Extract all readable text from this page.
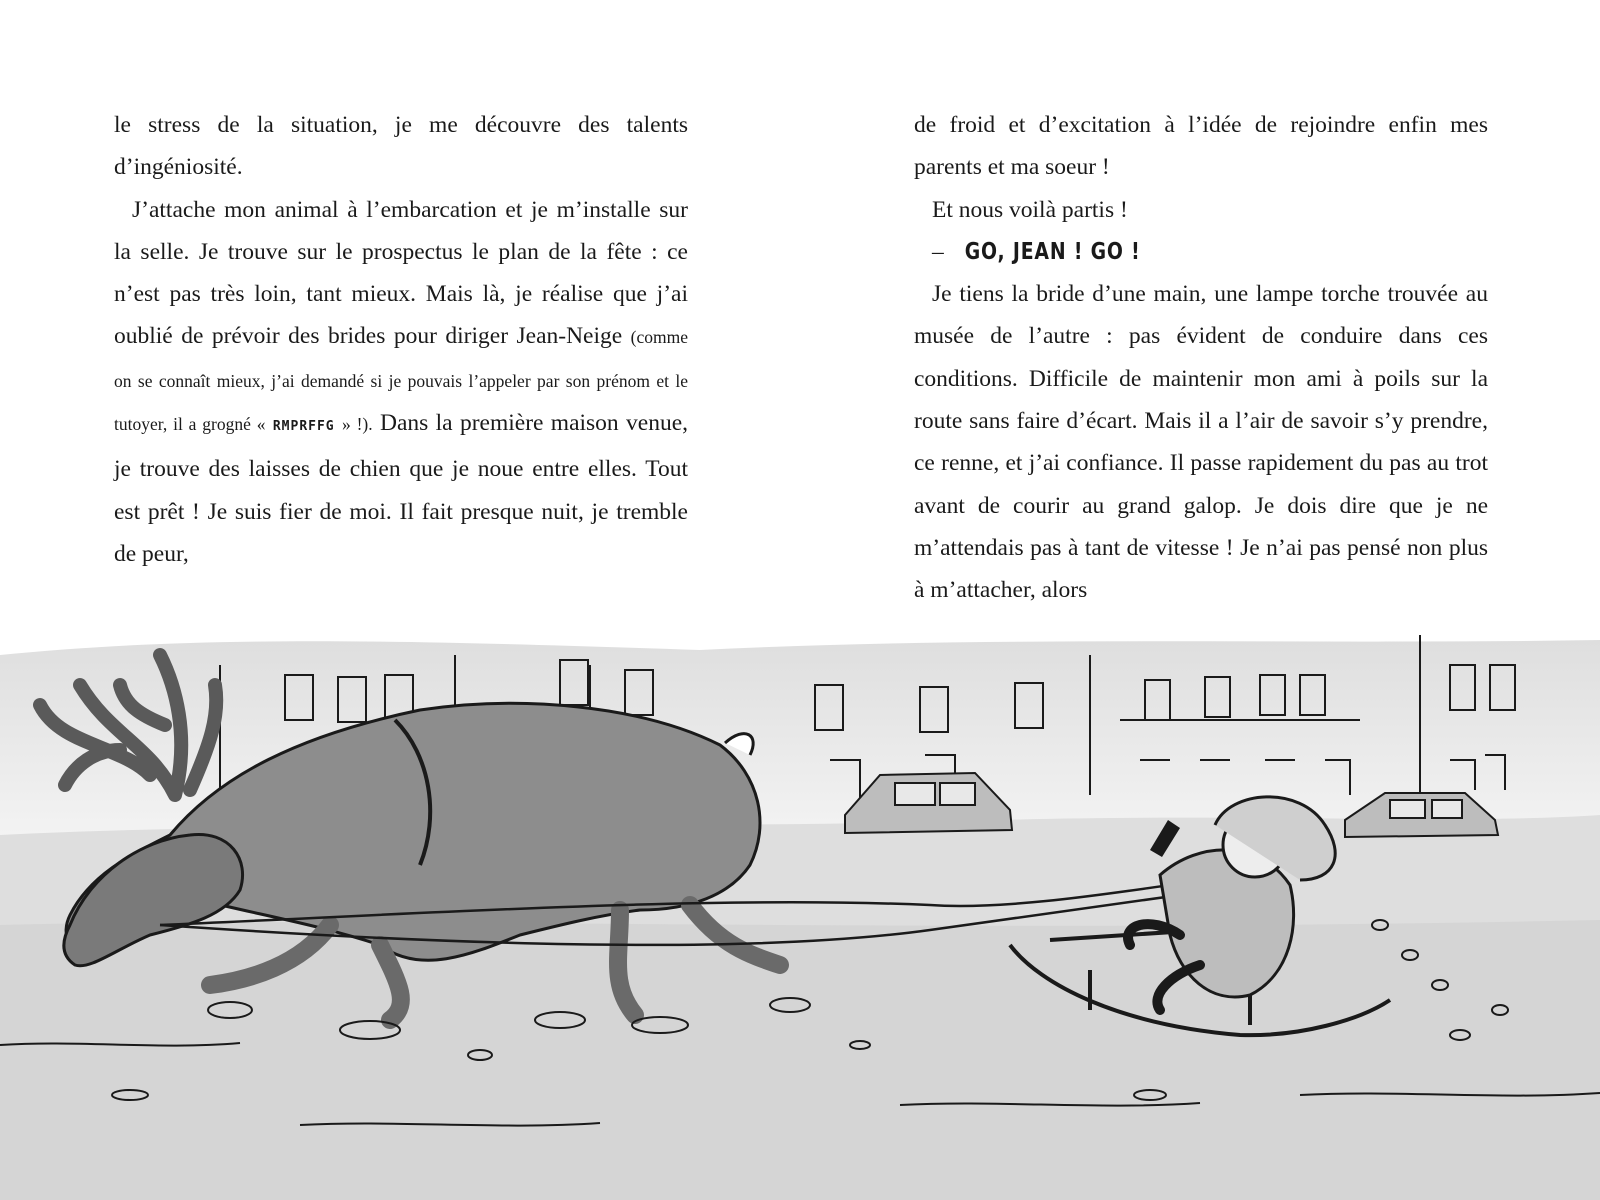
le stress de la situation, je me découvre des talents

d’ingéniosité.

J’attache mon animal à l’embarcation et je m’installe sur la selle. Je trouve sur le prospectus le plan de la fête : ce n’est pas très loin, tant mieux. Mais là, je réalise que j’ai oublié de prévoir des brides pour diriger Jean-Neige (comme on se connaît mieux, j’ai demandé si je pouvais l’appeler par son prénom et le tutoyer, il a grogné « RMPRFFG » !). Dans la première maison venue, je trouve des laisses de chien que je noue entre elles. Tout est prêt ! Je suis fier de moi. Il fait presque nuit, je tremble de peur,

de froid et d’excitation à l’idée de rejoindre enfin mes parents et ma soeur !

Et nous voilà partis !

– GO, JEAN ! GO !

Je tiens la bride d’une main, une lampe torche trouvée au musée de l’autre : pas évident de conduire dans ces conditions. Difficile de maintenir mon ami à poils sur la route sans faire d’écart. Mais il a l’air de savoir s’y prendre, ce renne, et j’ai confiance. Il passe rapidement du pas au trot avant de courir au grand galop. Je dois dire que je ne m’attendais pas à tant de vitesse ! Je n’ai pas pensé non plus à m’attacher, alors
